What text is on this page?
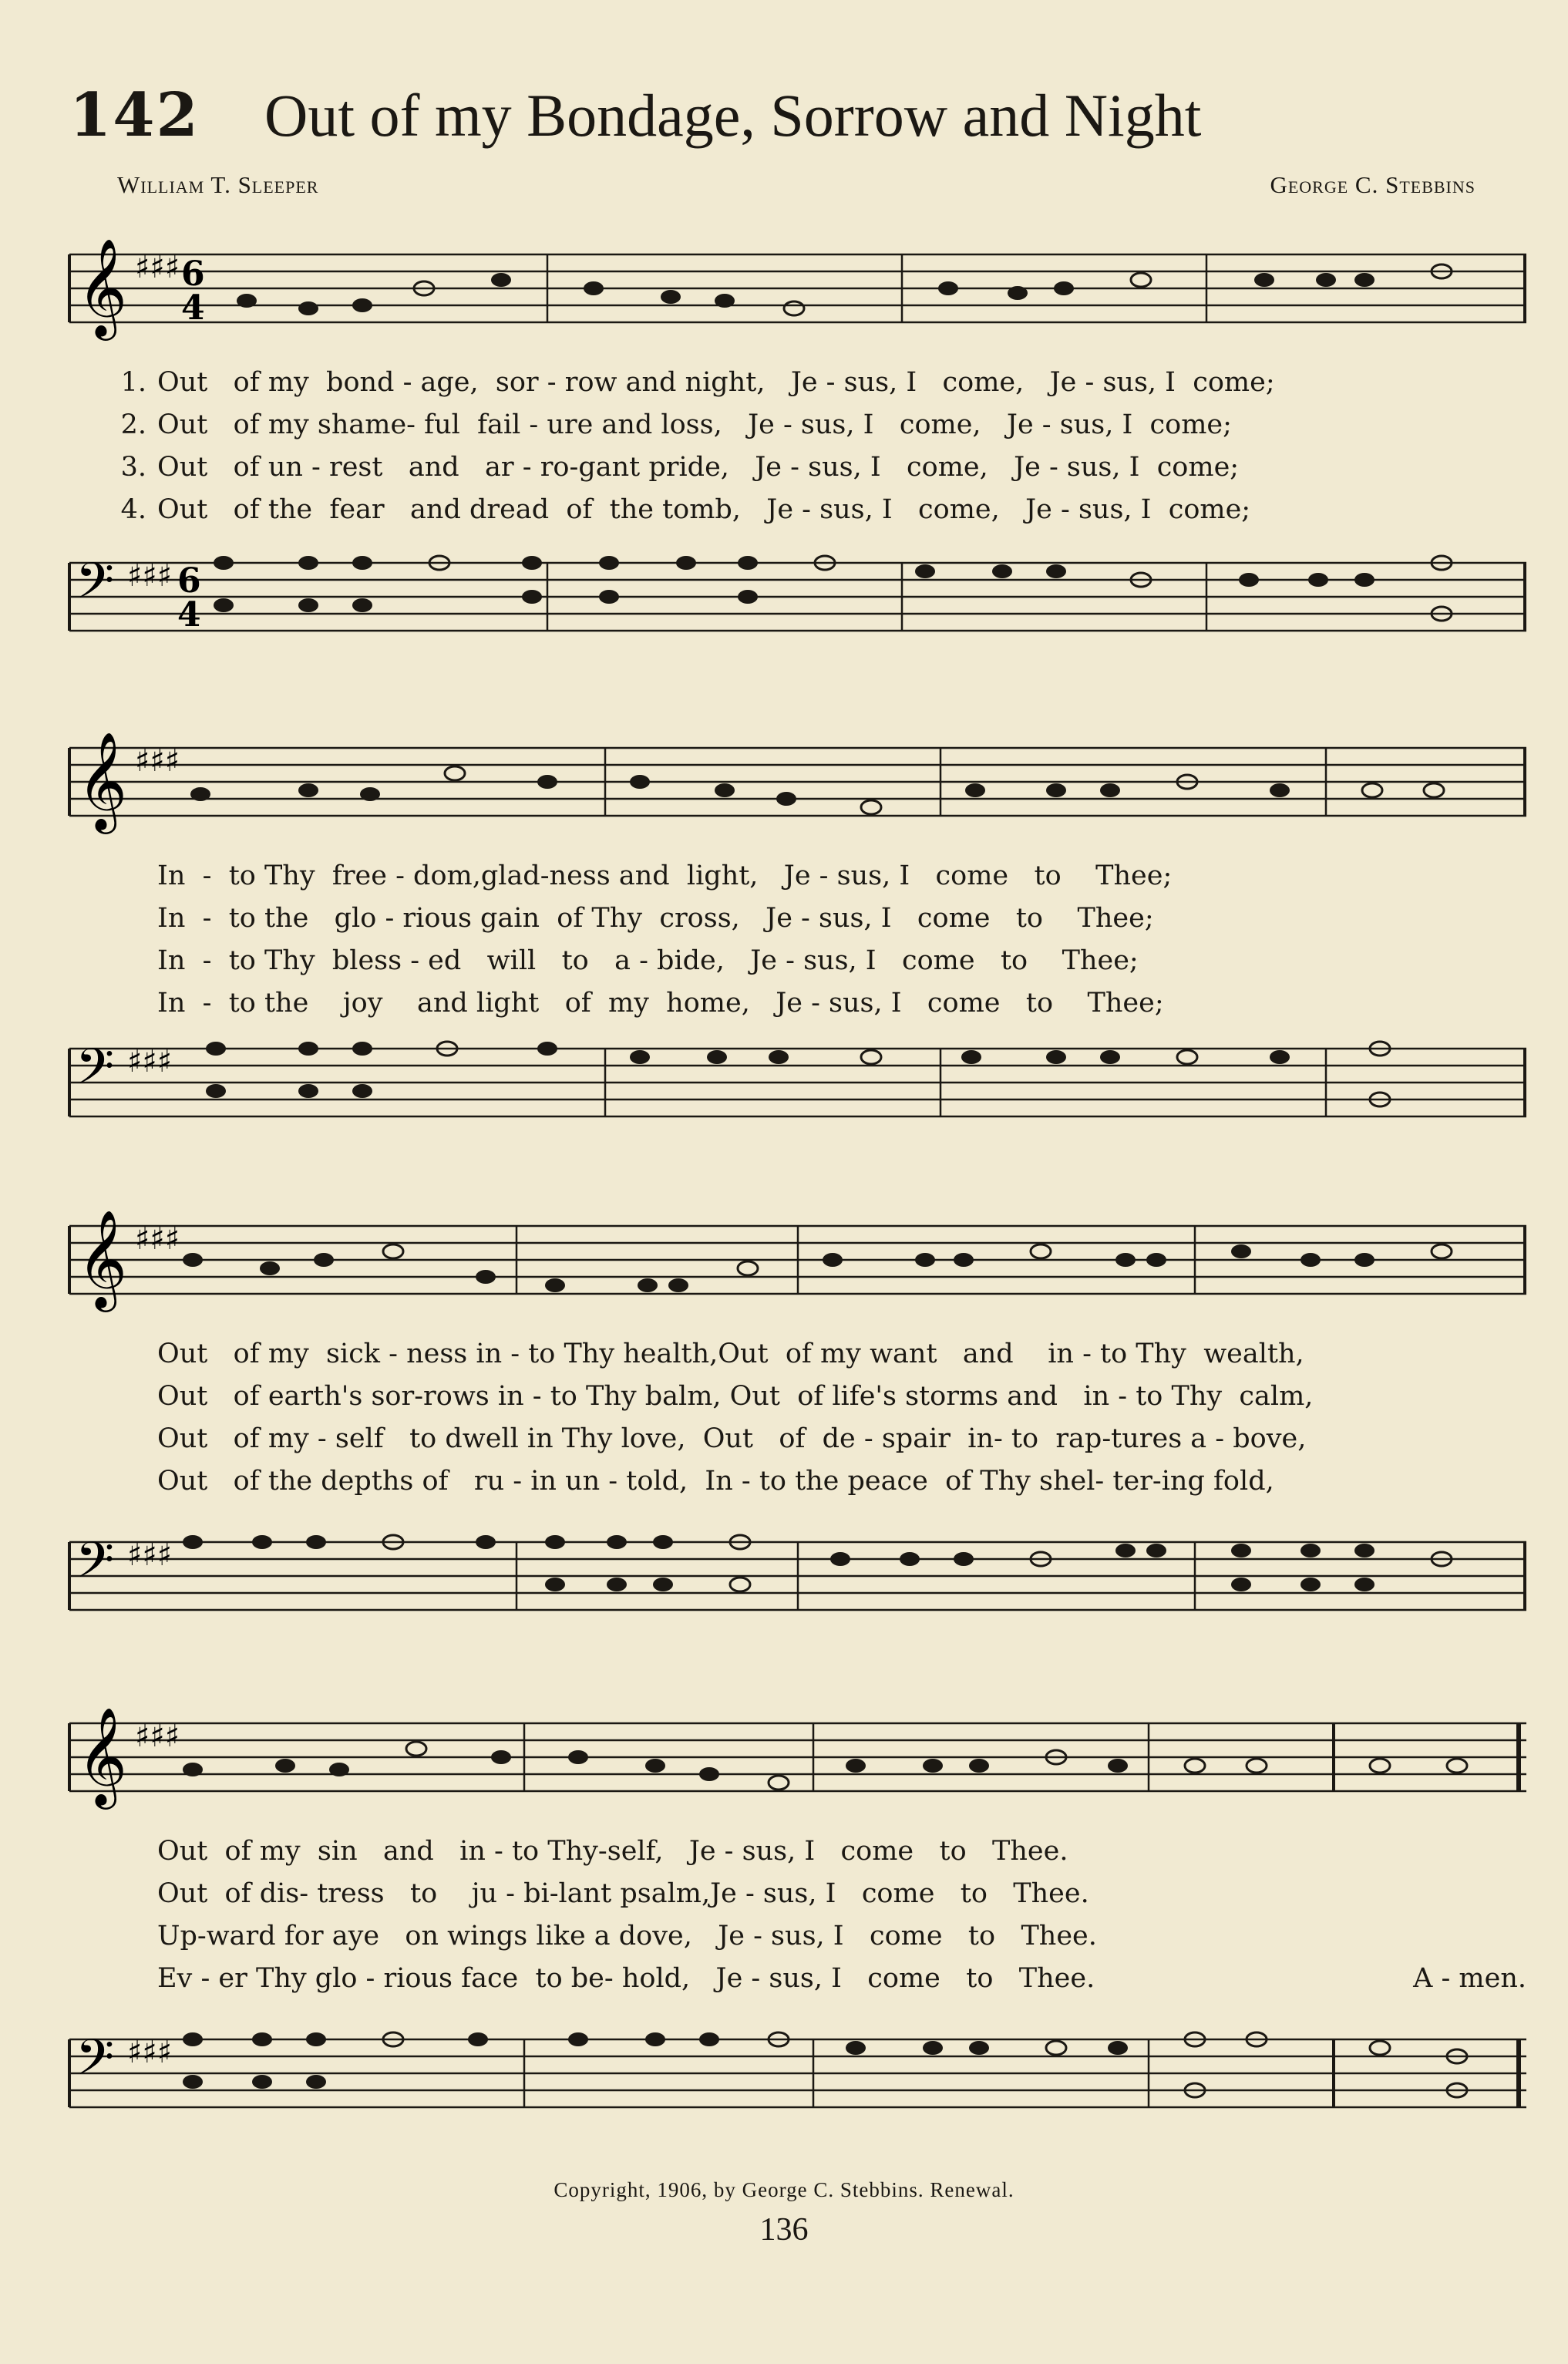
142 Out of my Bondage, Sorrow and Night
William T. Sleeper	George C. Stebbins
𝄞 ♯♯♯ 6
4
1. Out   of my  bond - age,  sor - row and night,   Je - sus, I   come,   Je - sus, I  come;
2. Out   of my shame- ful  fail - ure and loss,   Je - sus, I   come,   Je - sus, I  come;
3. Out   of un - rest   and   ar - ro-gant pride,   Je - sus, I   come,   Je - sus, I  come;
4. Out   of the  fear   and dread  of  the tomb,   Je - sus, I   come,   Je - sus, I  come;
𝄢 ♯♯♯ 6
4
𝄞 ♯♯♯
In  -  to Thy  free - dom,glad-ness and  light,   Je - sus, I   come   to    Thee;
In  -  to the   glo - rious gain  of Thy  cross,   Je - sus, I   come   to    Thee;
In  -  to Thy  bless - ed   will   to   a - bide,   Je - sus, I   come   to    Thee;
In  -  to the    joy    and light   of  my  home,   Je - sus, I   come   to    Thee;
𝄢 ♯♯♯
𝄞 ♯♯♯
Out   of my  sick - ness in - to Thy health,Out  of my want   and    in - to Thy  wealth,
Out   of earth's sor-rows in - to Thy balm, Out  of life's storms and   in - to Thy  calm,
Out   of my - self   to dwell in Thy love,  Out   of  de - spair  in- to  rap-tures a - bove,
Out   of the depths of   ru - in un - told,  In - to the peace  of Thy shel- ter-ing fold,
𝄢 ♯♯♯
𝄞 ♯♯♯
Out  of my  sin   and   in - to Thy-self,   Je - sus, I   come   to   Thee.
Out  of dis- tress   to    ju - bi-lant psalm,Je - sus, I   come   to   Thee.
Up-ward for aye   on wings like a dove,   Je - sus, I   come   to   Thee.
Ev - er Thy glo - rious face  to be- hold,   Je - sus, I   come   to   Thee.	A - men.
𝄢 ♯♯♯
Copyright, 1906, by George C. Stebbins. Renewal.
136
